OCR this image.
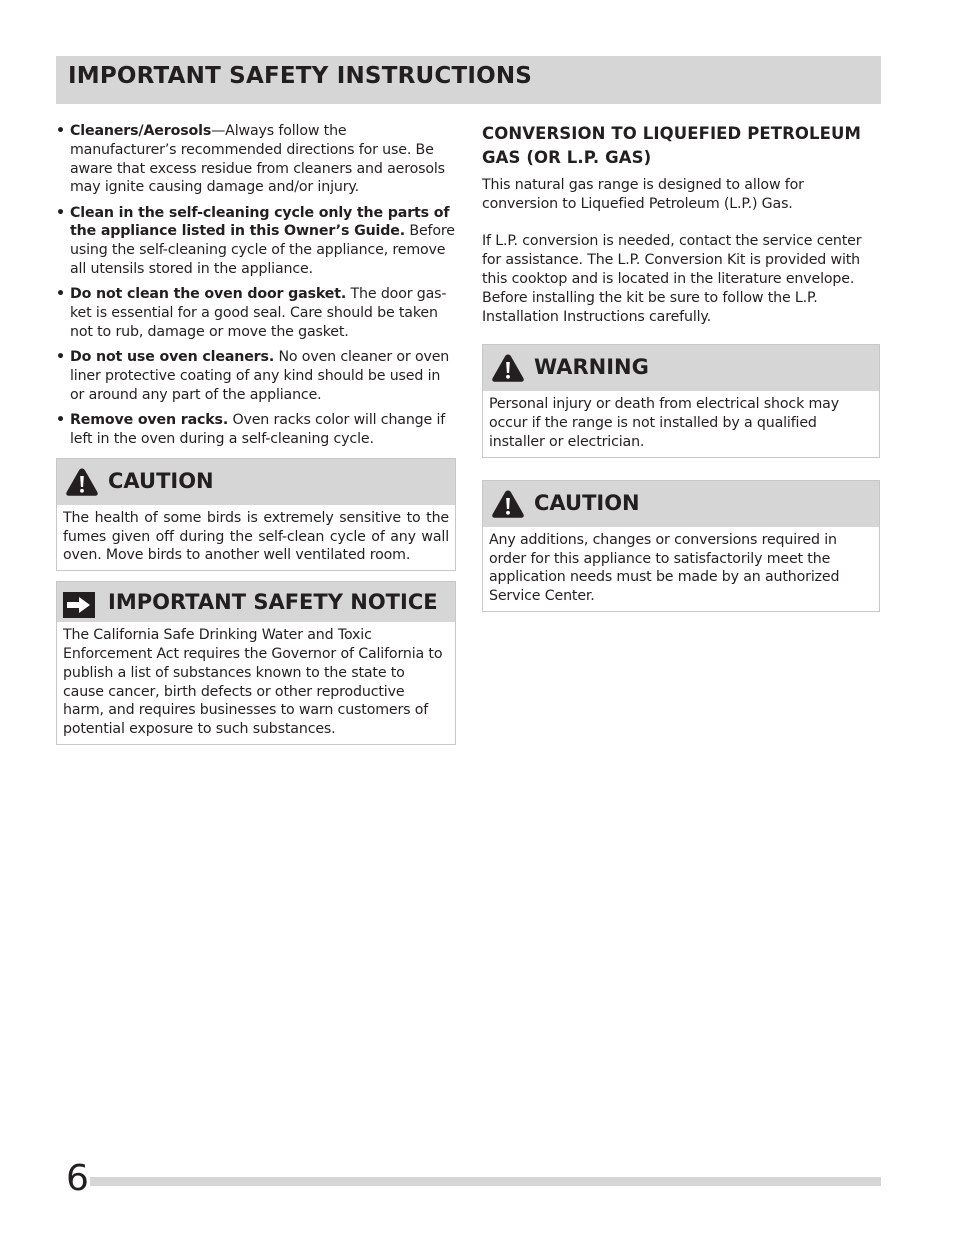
IMPORTANT SAFETY INSTRUCTIONS
• Cleaners/Aerosols—Always follow the manufacturer’s recommended directions for use. Be aware that excess residue from cleaners and aerosols may ignite causing damage and/or injury.
• Clean in the self-cleaning cycle only the parts of the appliance listed in this Owner’s Guide. Before using the self-cleaning cycle of the appliance, remove all utensils stored in the appliance.
• Do not clean the oven door gasket. The door gas-ket is essential for a good seal. Care should be taken not to rub, damage or move the gasket.
• Do not use oven cleaners. No oven cleaner or oven liner protective coating of any kind should be used in or around any part of the appliance.
• Remove oven racks. Oven racks color will change if left in the oven during a self-cleaning cycle.
CAUTION
The health of some birds is extremely sensitive to the fumes given off during the self-clean cycle of any wall oven. Move birds to another well ventilated room.
IMPORTANT SAFETY NOTICE
The California Safe Drinking Water and Toxic Enforcement Act requires the Governor of California to publish a list of substances known to the state to cause cancer, birth defects or other reproductive harm, and requires businesses to warn customers of potential exposure to such substances.
CONVERSION TO LIQUEFIED PETROLEUM GAS (OR L.P. GAS)

This natural gas range is designed to allow for conversion to Liquefied Petroleum (L.P.) Gas.

If L.P. conversion is needed, contact the service center for assistance. The L.P. Conversion Kit is provided with this cooktop and is located in the literature envelope. Before installing the kit be sure to follow the L.P. Installation Instructions carefully.

WARNING
Personal injury or death from electrical shock may occur if the range is not installed by a qualified installer or electrician.
CAUTION
Any additions, changes or conversions required in order for this appliance to satisfactorily meet the application needs must be made by an authorized Service Center.
6
